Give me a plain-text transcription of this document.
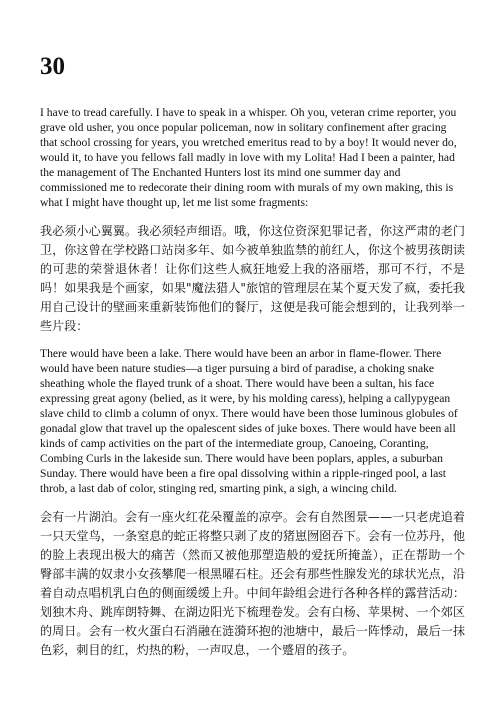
30

I have to tread carefully. I have to speak in a whisper. Oh you, veteran crime reporter, you grave old usher, you once popular policeman, now in solitary confinement after gracing that school crossing for years, you wretched emeritus read to by a boy! It would never do, would it, to have you fellows fall madly in love with my Lolita! Had I been a painter, had the management of The Enchanted Hunters lost its mind one summer day and commissioned me to redecorate their dining room with murals of my own making, this is what I might have thought up, let me list some fragments:

我必须小心翼翼。我必须轻声细语。哦，你这位资深犯罪记者，你这严肃的老门卫，你这曾在学校路口站岗多年、如今被单独监禁的前红人，你这个被男孩朗读的可悲的荣誉退休者！让你们这些人疯狂地爱上我的洛丽塔，那可不行，不是吗！如果我是个画家，如果"魔法猎人"旅馆的管理层在某个夏天发了疯，委托我用自己设计的壁画来重新装饰他们的餐厅，这便是我可能会想到的，让我列举一些片段：

There would have been a lake. There would have been an arbor in flame-flower. There would have been nature studies—a tiger pursuing a bird of paradise, a choking snake sheathing whole the flayed trunk of a shoat. There would have been a sultan, his face expressing great agony (belied, as it were, by his molding caress), helping a callypygean slave child to climb a column of onyx. There would have been those luminous globules of gonadal glow that travel up the opalescent sides of juke boxes. There would have been all kinds of camp activities on the part of the intermediate group, Canoeing, Coranting, Combing Curls in the lakeside sun. There would have been poplars, apples, a suburban Sunday. There would have been a fire opal dissolving within a ripple-ringed pool, a last throb, a last dab of color, stinging red, smarting pink, a sigh, a wincing child.

会有一片湖泊。会有一座火红花朵覆盖的凉亭。会有自然图景——一只老虎追着一只天堂鸟，一条窒息的蛇正将整只剥了皮的猪崽囫囵吞下。会有一位苏丹，他的脸上表现出极大的痛苦（然而又被他那塑造般的爱抚所掩盖），正在帮助一个臀部丰满的奴隶小女孩攀爬一根黑曜石柱。还会有那些性腺发光的球状光点，沿着自动点唱机乳白色的侧面缓缓上升。中间年龄组会进行各种各样的露营活动：划独木舟、跳库朗特舞、在湖边阳光下梳理卷发。会有白杨、苹果树、一个郊区的周日。会有一枚火蛋白石消融在涟漪环抱的池塘中，最后一阵悸动，最后一抹色彩，刺目的红，灼热的粉，一声叹息，一个蹙眉的孩子。
